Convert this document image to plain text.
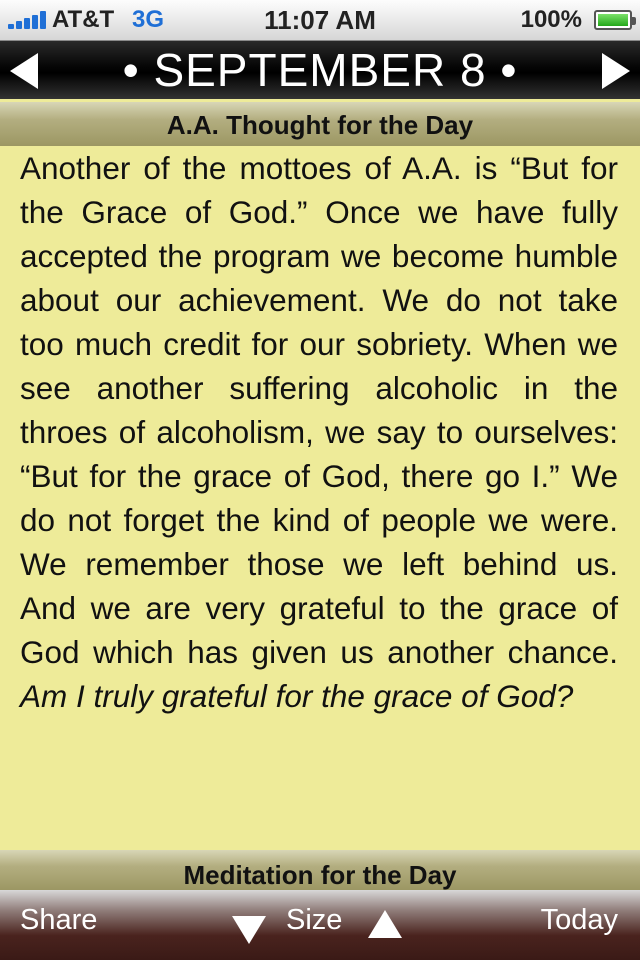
AT&T 3G	11:07 AM	100%
• SEPTEMBER 8 •
A.A. Thought for the Day

Another of the mottoes of A.A. is “But for the Grace of God.” Once we have fully accepted the program we become humble about our achievement. We do not take too much credit for our sobriety. When we see another suffering alcoholic in the throes of alcoholism, we say to ourselves: “But for the grace of God, there go I.” We do not forget the kind of people we were. We remember those we left behind us. And we are very grateful to the grace of God which has given us another chance. Am I truly grateful for the grace of God?

Meditation for the Day
Share	Size	Today
